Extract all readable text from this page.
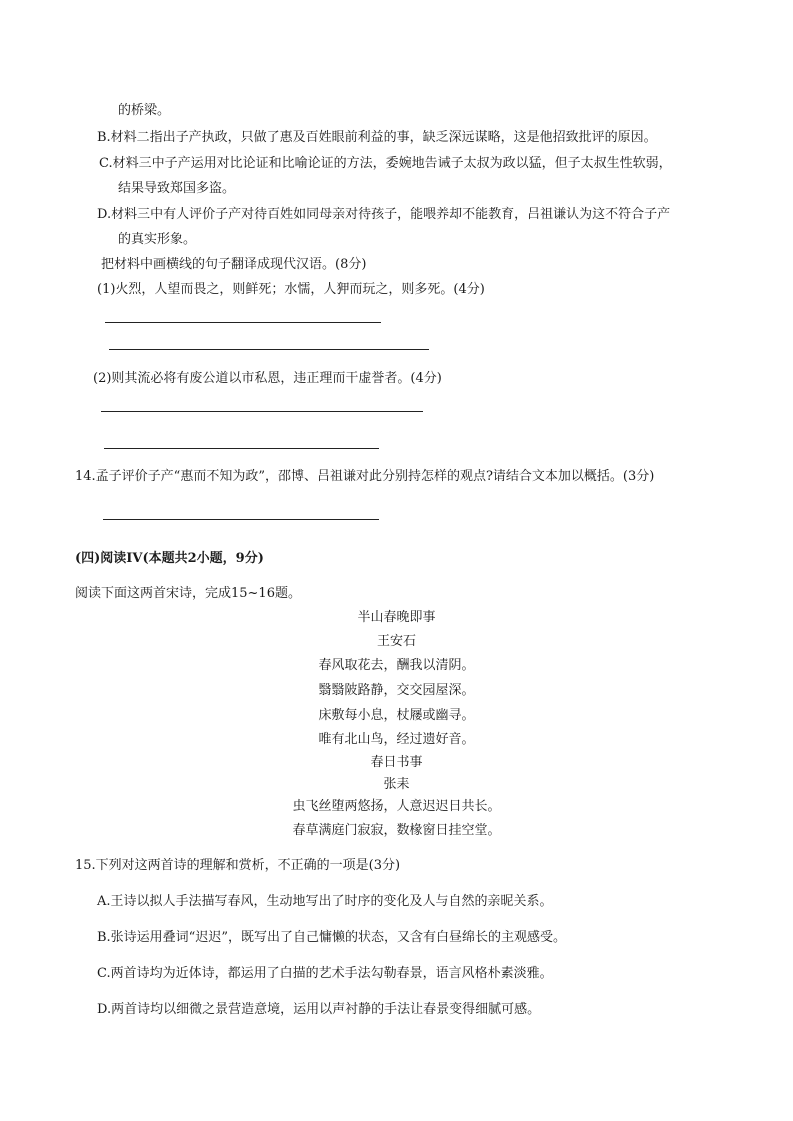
的桥梁。
B.材料二指出子产执政，只做了惠及百姓眼前利益的事，缺乏深远谋略，这是他招致批评的原因。
C.材料三中子产运用对比论证和比喻论证的方法，委婉地告诫子太叔为政以猛，但子太叔生性软弱，
结果导致郑国多盗。
D.材料三中有人评价子产对待百姓如同母亲对待孩子，能喂养却不能教育，吕祖谦认为这不符合子产
的真实形象。
把材料中画横线的句子翻译成现代汉语。(8分)
(1)火烈，人望而畏之，则鲜死；水懦，人狎而玩之，则多死。(4分)
(2)则其流必将有废公道以市私恩，违正理而干虚誉者。(4分)
14.孟子评价子产“惠而不知为政”，邵博、吕祖谦对此分别持怎样的观点?请结合文本加以概括。(3分)
(四)阅读IV(本题共2小题，9分)
阅读下面这两首宋诗，完成15~16题。
半山春晚即事
王安石
春风取花去，酬我以清阴。
翳翳陂路静，交交园屋深。
床敷每小息，杖屦或幽寻。
唯有北山鸟，经过遗好音。
春日书事
张耒
虫飞丝堕两悠扬，人意迟迟日共长。
春草满庭门寂寂，数椽窗日挂空堂。
15.下列对这两首诗的理解和赏析，不正确的一项是(3分)
A.王诗以拟人手法描写春风，生动地写出了时序的变化及人与自然的亲昵关系。
B.张诗运用叠词“迟迟”，既写出了自己慵懒的状态，又含有白昼绵长的主观感受。
C.两首诗均为近体诗，都运用了白描的艺术手法勾勒春景，语言风格朴素淡雅。
D.两首诗均以细微之景营造意境，运用以声衬静的手法让春景变得细腻可感。
